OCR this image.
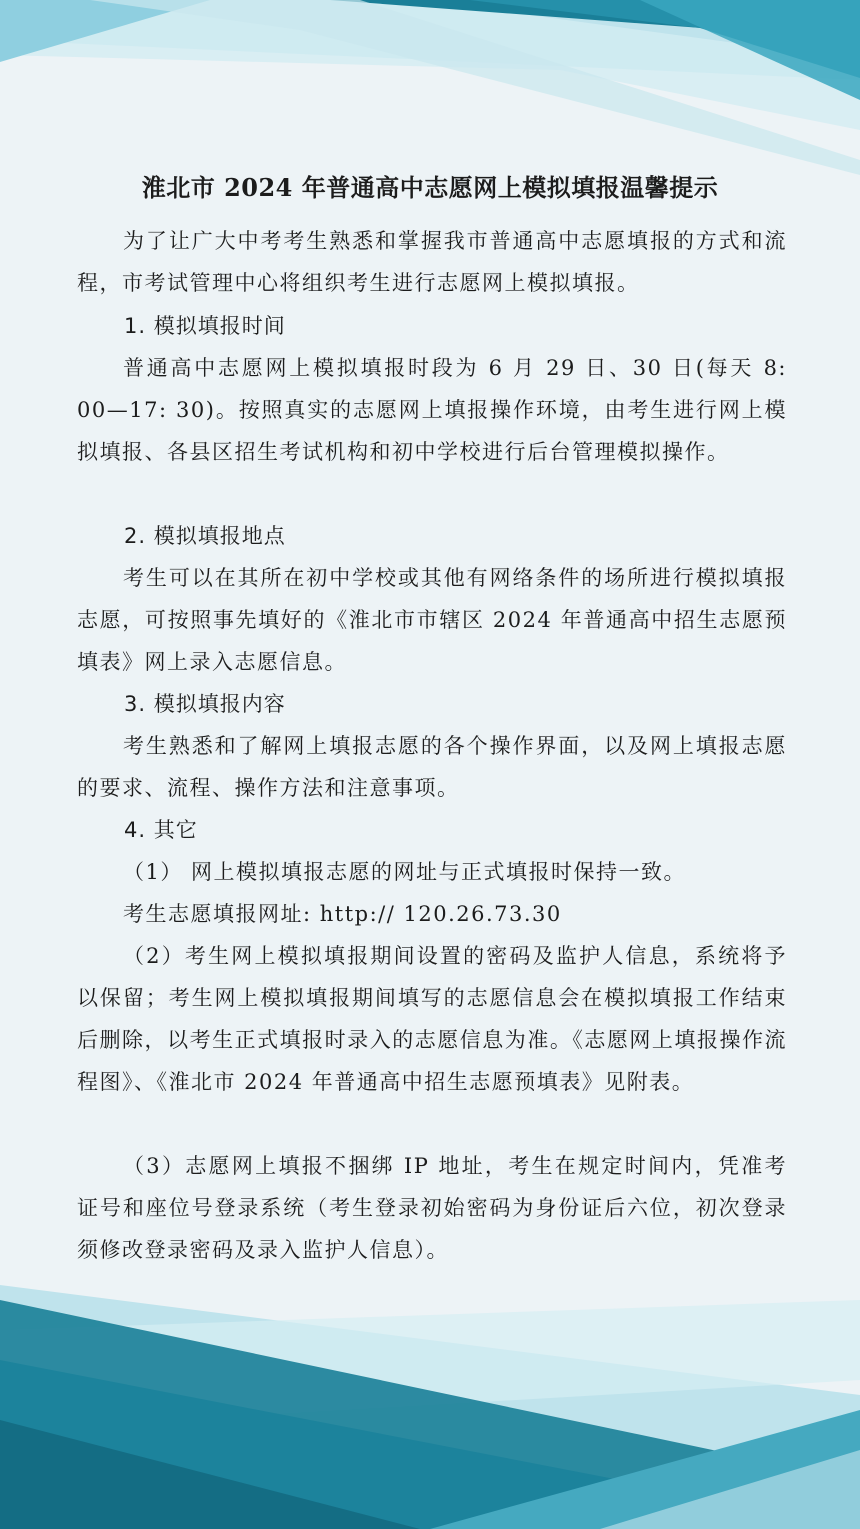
淮北市 2024 年普通高中志愿网上模拟填报温馨提示

为了让广大中考考生熟悉和掌握我市普通高中志愿填报的方式和流程，市考试管理中心将组织考生进行志愿网上模拟填报。

1. 模拟填报时间

普通高中志愿网上模拟填报时段为 6 月 29 日、30 日(每天 8: 00—17: 30)。按照真实的志愿网上填报操作环境，由考生进行网上模拟填报、各县区招生考试机构和初中学校进行后台管理模拟操作。

2. 模拟填报地点

考生可以在其所在初中学校或其他有网络条件的场所进行模拟填报志愿，可按照事先填好的《淮北市市辖区 2024 年普通高中招生志愿预填表》网上录入志愿信息。

3. 模拟填报内容

考生熟悉和了解网上填报志愿的各个操作界面，以及网上填报志愿的要求、流程、操作方法和注意事项。

4. 其它

（1） 网上模拟填报志愿的网址与正式填报时保持一致。

考生志愿填报网址: http:// 120.26.73.30

（2）考生网上模拟填报期间设置的密码及监护人信息，系统将予以保留；考生网上模拟填报期间填写的志愿信息会在模拟填报工作结束后删除，以考生正式填报时录入的志愿信息为准。《志愿网上填报操作流程图》、《淮北市 2024 年普通高中招生志愿预填表》见附表。

（3）志愿网上填报不捆绑 IP 地址，考生在规定时间内，凭准考证号和座位号登录系统（考生登录初始密码为身份证后六位，初次登录须修改登录密码及录入监护人信息）。
